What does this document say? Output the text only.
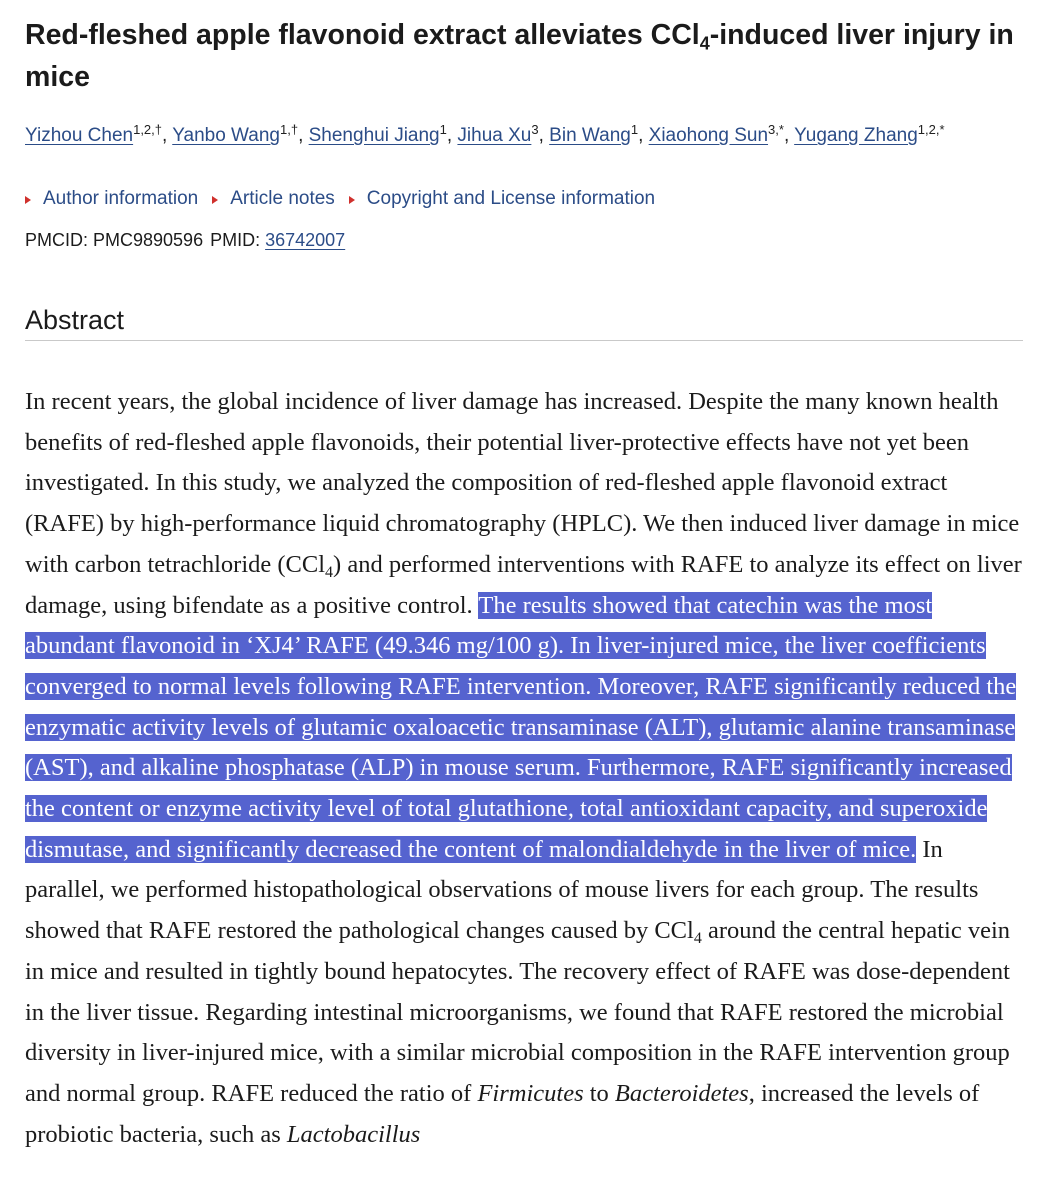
Red-fleshed apple flavonoid extract alleviates CCl$_4$-induced liver injury in mice
Yizhou Chen$^{1,2,\dagger}$, Yanbo Wang$^{1,\dagger}$, Shenghui Jiang$^1$, Jihua Xu$^3$, Bin Wang$^1$, Xiaohong Sun$^{3,*}$, Yugang Zhang$^{1,2,*}$
Author information Article notes Copyright and License information
PMCID: PMC9890596 PMID: 36742007
Abstract

In recent years, the global incidence of liver damage has increased. Despite the many known health benefits of red-fleshed apple flavonoids, their potential liver-protective effects have not yet been investigated. In this study, we analyzed the composition of red-fleshed apple flavonoid extract (RAFE) by high-performance liquid chromatography (HPLC). We then induced liver damage in mice with carbon tetrachloride (CCl$_4$) and performed interventions with RAFE to analyze its effect on liver damage, using bifendate as a positive control. The results showed that catechin was the most abundant flavonoid in ‘XJ4’ RAFE (49.346 mg/100 g). In liver-injured mice, the liver coefficients converged to normal levels following RAFE intervention. Moreover, RAFE significantly reduced the enzymatic activity levels of glutamic oxaloacetic transaminase (ALT), glutamic alanine transaminase (AST), and alkaline phosphatase (ALP) in mouse serum. Furthermore, RAFE significantly increased the content or enzyme activity level of total glutathione, total antioxidant capacity, and superoxide dismutase, and significantly decreased the content of malondialdehyde in the liver of mice. In parallel, we performed histopathological observations of mouse livers for each group. The results showed that RAFE restored the pathological changes caused by CCl$_4$ around the central hepatic vein in mice and resulted in tightly bound hepatocytes. The recovery effect of RAFE was dose-dependent in the liver tissue. Regarding intestinal microorganisms, we found that RAFE restored the microbial diversity in liver-injured mice, with a similar microbial composition in the RAFE intervention group and normal group. RAFE reduced the ratio of Firmicutes to Bacteroidetes, increased the levels of probiotic bacteria, such as Lactobacillus
